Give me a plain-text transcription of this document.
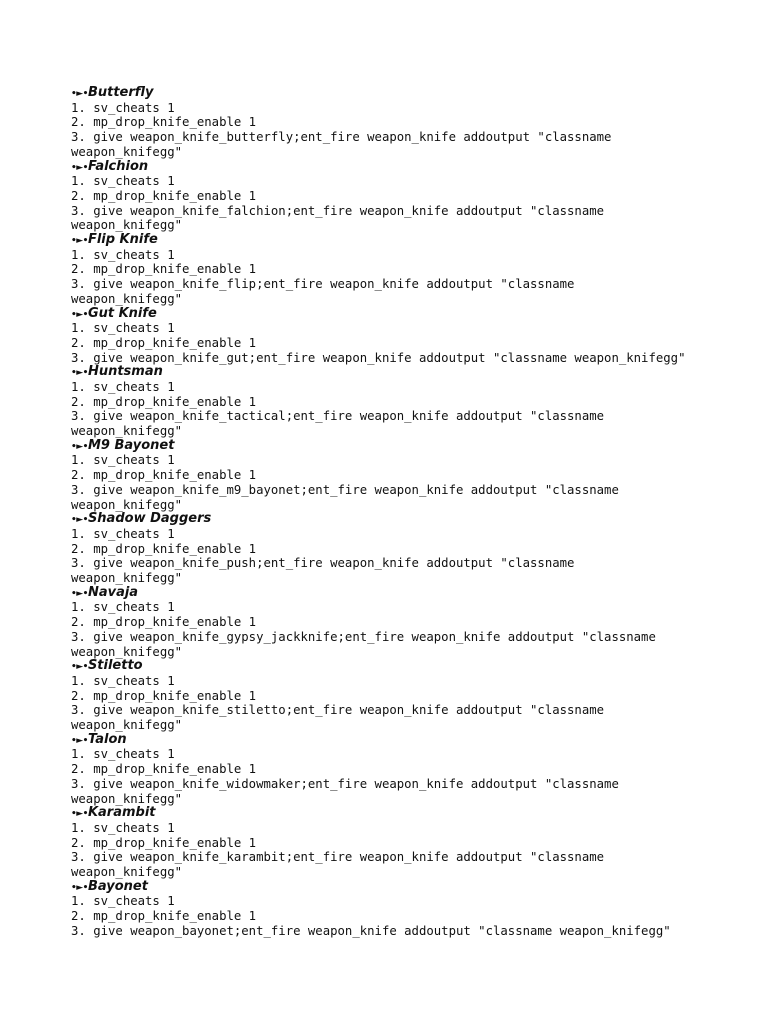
•►•Butterfly
1. sv_cheats 1
2. mp_drop_knife_enable 1
3. give weapon_knife_butterfly;ent_fire weapon_knife addoutput "classname
weapon_knifegg"
•►•Falchion
1. sv_cheats 1
2. mp_drop_knife_enable 1
3. give weapon_knife_falchion;ent_fire weapon_knife addoutput "classname
weapon_knifegg"
•►•Flip Knife
1. sv_cheats 1
2. mp_drop_knife_enable 1
3. give weapon_knife_flip;ent_fire weapon_knife addoutput "classname
weapon_knifegg"
•►•Gut Knife
1. sv_cheats 1
2. mp_drop_knife_enable 1
3. give weapon_knife_gut;ent_fire weapon_knife addoutput "classname weapon_knifegg"
•►•Huntsman
1. sv_cheats 1
2. mp_drop_knife_enable 1
3. give weapon_knife_tactical;ent_fire weapon_knife addoutput "classname
weapon_knifegg"
•►•M9 Bayonet
1. sv_cheats 1
2. mp_drop_knife_enable 1
3. give weapon_knife_m9_bayonet;ent_fire weapon_knife addoutput "classname
weapon_knifegg"
•►•Shadow Daggers
1. sv_cheats 1
2. mp_drop_knife_enable 1
3. give weapon_knife_push;ent_fire weapon_knife addoutput "classname
weapon_knifegg"
•►•Navaja
1. sv_cheats 1
2. mp_drop_knife_enable 1
3. give weapon_knife_gypsy_jackknife;ent_fire weapon_knife addoutput "classname
weapon_knifegg"
•►•Stiletto
1. sv_cheats 1
2. mp_drop_knife_enable 1
3. give weapon_knife_stiletto;ent_fire weapon_knife addoutput "classname
weapon_knifegg"
•►•Talon
1. sv_cheats 1
2. mp_drop_knife_enable 1
3. give weapon_knife_widowmaker;ent_fire weapon_knife addoutput "classname
weapon_knifegg"
•►•Karambit
1. sv_cheats 1
2. mp_drop_knife_enable 1
3. give weapon_knife_karambit;ent_fire weapon_knife addoutput "classname
weapon_knifegg"
•►•Bayonet
1. sv_cheats 1
2. mp_drop_knife_enable 1
3. give weapon_bayonet;ent_fire weapon_knife addoutput "classname weapon_knifegg"
